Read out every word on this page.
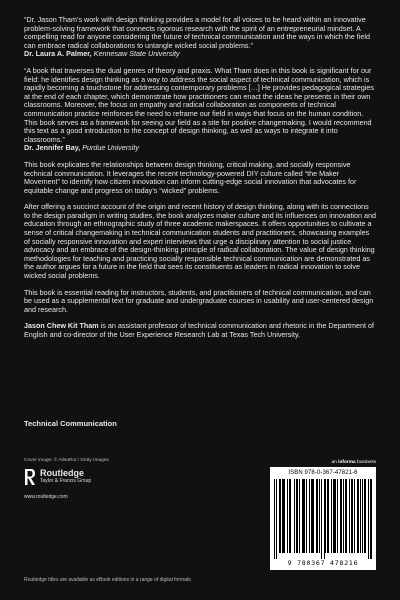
“Dr. Jason Tham’s work with design thinking provides a model for all voices to be heard within an innovative problem-solving framework that connects rigorous research with the spirit of an entrepreneurial mindset. A compelling read for anyone considering the future of technical communication and the ways in which the field can embrace radical collaborations to untangle wicked social problems.”

Dr. Laura A. Palmer, Kennesaw State University

“A book that traverses the dual genres of theory and praxis. What Tham does in this book is significant for our field: he identifies design thinking as a way to address the social aspect of technical communication, which is rapidly becoming a touchstone for addressing contemporary problems […] He provides pedagogical strategies at the end of each chapter, which demonstrate how practitioners can enact the ideas he presents in their own classrooms. Moreover, the focus on empathy and radical collaboration as components of technical communication practice reinforces the need to reframe our field in ways that focus on the human condition. This book serves as a framework for seeing our field as a site for positive changemaking. I would recommend this text as a good introduction to the concept of design thinking, as well as ways to integrate it into classrooms.”

Dr. Jennifer Bay, Purdue University

This book explicates the relationships between design thinking, critical making, and socially responsive technical communication. It leverages the recent technology-powered DIY culture called “the Maker Movement” to identify how citizen innovation can inform cutting-edge social innovation that advocates for equitable change and progress on today’s “wicked” problems.

After offering a succinct account of the origin and recent history of design thinking, along with its connections to the design paradigm in writing studies, the book analyzes maker culture and its influences on innovation and education through an ethnographic study of three academic makerspaces. It offers opportunities to cultivate a sense of critical changemaking in technical communication students and practitioners, showcasing examples of socially responsive innovation and expert interviews that urge a disciplinary attention to social justice advocacy and an embrace of the design-thinking principle of radical collaboration. The value of design thinking methodologies for teaching and practicing socially responsible technical communication are demonstrated as the author argues for a future in the field that sees its constituents as leaders in radical innovation to solve wicked social problems.

This book is essential reading for instructors, students, and practitioners of technical communication, and can be used as a supplemental text for graduate and undergraduate courses in usability and user-centered design and research.

Jason Chew Kit Tham is an assistant professor of technical communication and rhetoric in the Department of English and co-director of the User Experience Research Lab at Texas Tech University.

Technical Communication
Cover image: © AlisaRut / Getty Images
Routledge
Taylor & Francis Group
www.routledge.com
Routledge titles are available as eBook editions in a range of digital formats
an informa business
ISBN 978-0-367-47821-6
9 780367 478216
